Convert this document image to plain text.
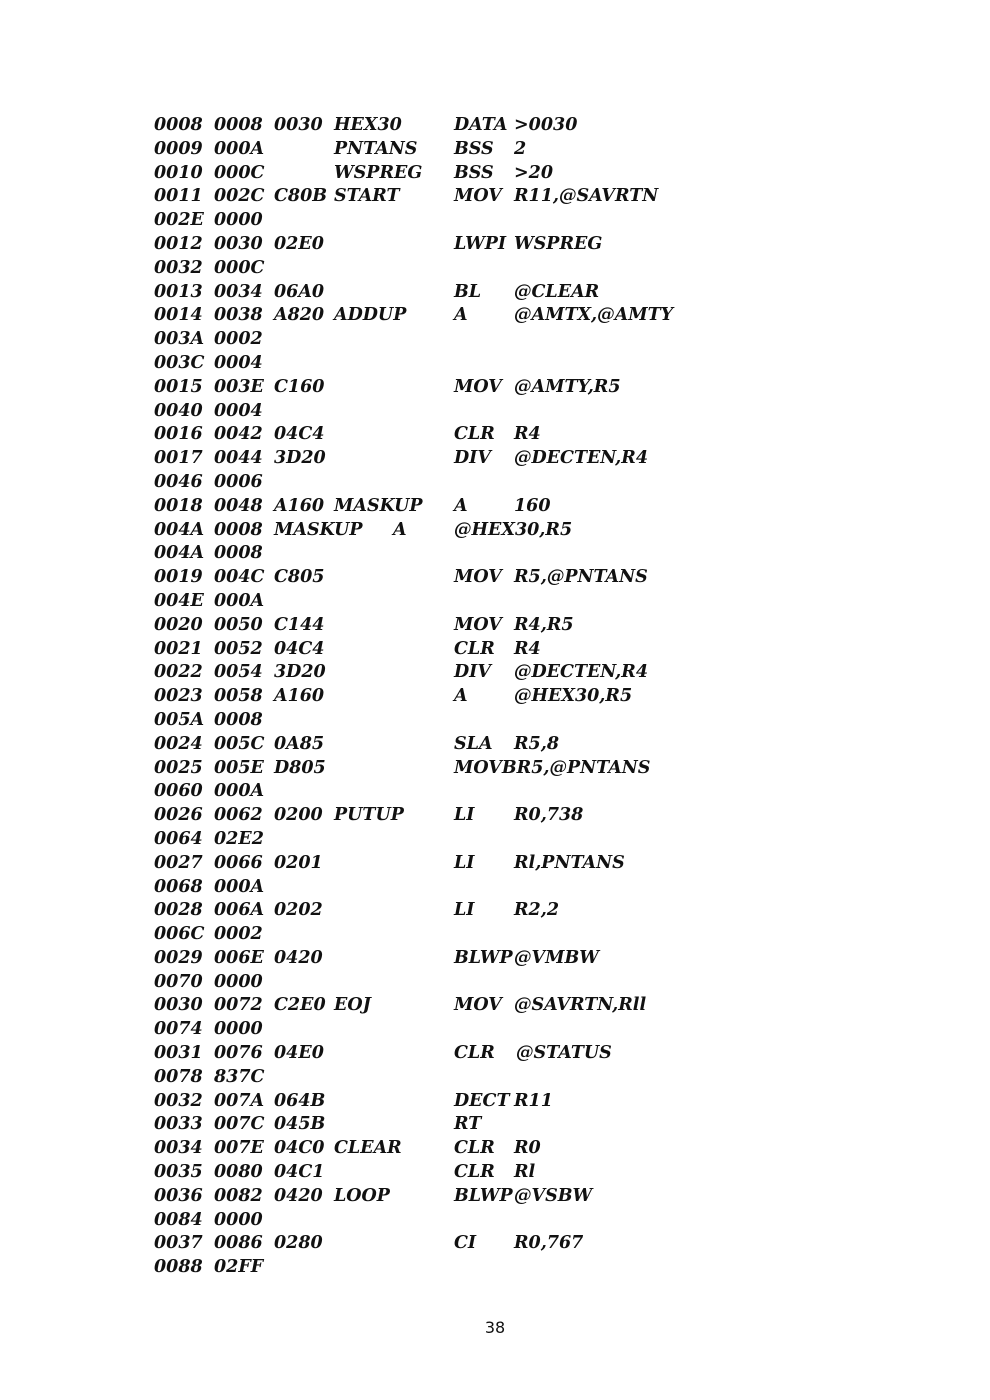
0008 0008 0030 HEX30	DATA >0030
0009 000A	PNTANS BSS 2
0010 000C	WSPREG BSS >20
0011 002C C80B START	MOV R11,@SAVRTN
002E 0000
0012 0030 02E0	LWPI WSPREG
0032 000C
0013 0034 06A0	BL @CLEAR
0014 0038 A820 ADDUP	A	@AMTX,@AMTY
003A 0002
003C 0004
0015 003E C160	MOV @AMTY,R5
0040 0004
0016 0042 04C4	CLR R4
0017 0044 3D20	DIV @DECTEN,R4
0046 0006
0018 0048 A160 MASKUP A	160
004A 0008 MASKUP A	@HEX30,R5
004A 0008
0019 004C C805	MOV R5,@PNTANS
004E 000A
0020 0050 C144	MOV R4,R5
0021 0052 04C4	CLR R4
0022 0054 3D20	DIV @DECTEN,R4
0023 0058 A160	A	@HEX30,R5
005A 0008
0024 005C 0A85	SLA R5,8
0025 005E D805	MOVBR5,@PNTANS
0060 000A
0026 0062 0200 PUTUP	LI R0,738
0064 02E2
0027 0066 0201	LI Rl,PNTANS
0068 000A
0028 006A 0202	LI R2,2
006C 0002
0029 006E 0420	BLWP @VMBW
0070 0000
0030 0072 C2E0 EOJ	MOV @SAVRTN,Rll
0074 0000
0031 0076 04E0	CLR @STATUS
0078 837C
0032 007A 064B	DECT R11
0033 007C 045B	RT
0034 007E 04C0 CLEAR	CLR R0
0035 0080 04C1	CLR Rl
0036 0082 0420 LOOP	BLWP @VSBW
0084 0000
0037 0086 0280	CI R0,767
0088 02FF
38
